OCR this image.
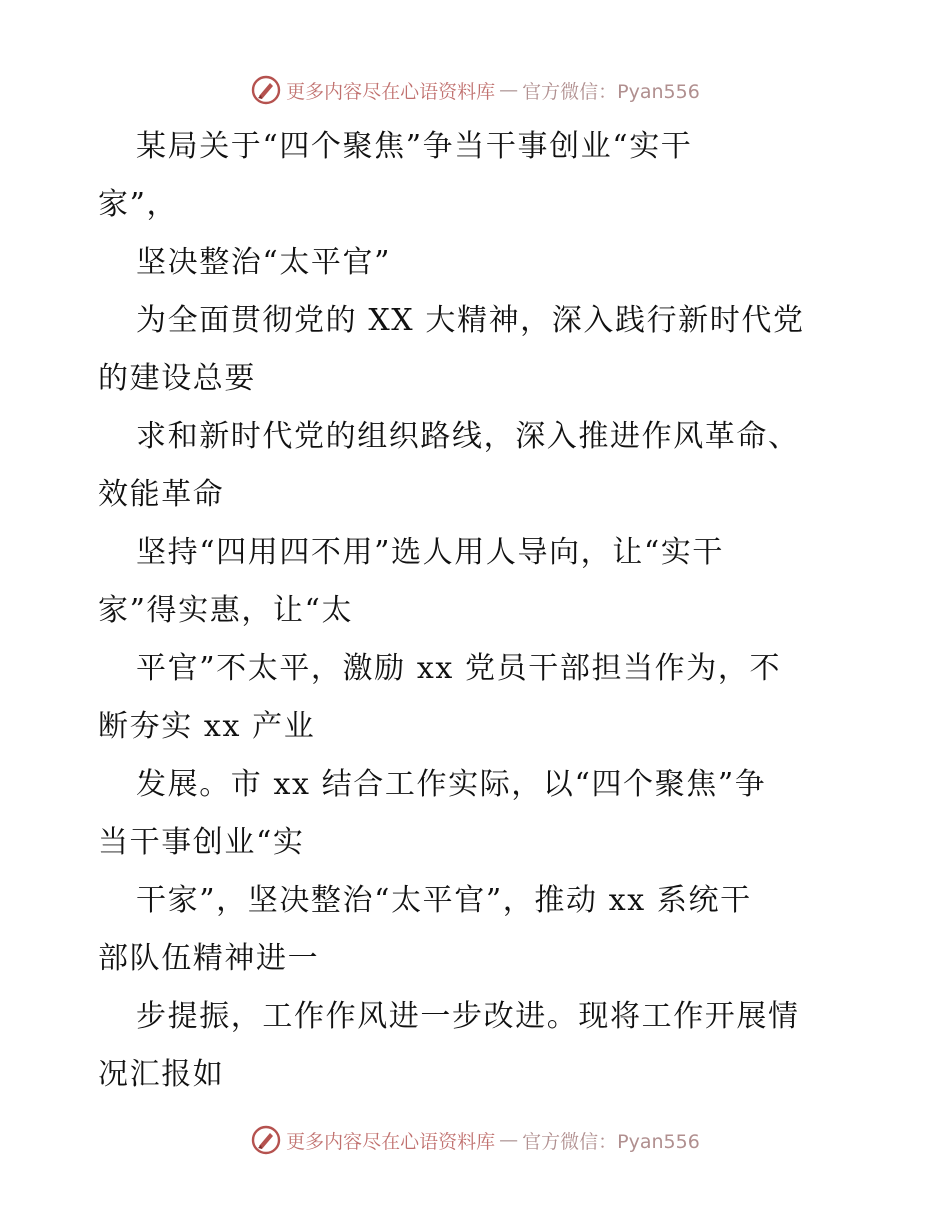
更多内容尽在心语资料库 — 官方微信：Pyan556

某局关于“四个聚焦”争当干事创业“实干
家”，

坚决整治“太平官”

为全面贯彻党的 XX 大精神，深入践行新时代党
的建设总要

求和新时代党的组织路线，深入推进作风革命、
效能革命

坚持“四用四不用”选人用人导向，让“实干
家”得实惠，让“太

平官”不太平，激励 xx 党员干部担当作为，不
断夯实 xx 产业

发展。市 xx 结合工作实际，以“四个聚焦”争
当干事创业“实

干家”，坚决整治“太平官”，推动 xx 系统干
部队伍精神进一

步提振，工作作风进一步改进。现将工作开展情
况汇报如

更多内容尽在心语资料库 — 官方微信：Pyan556
